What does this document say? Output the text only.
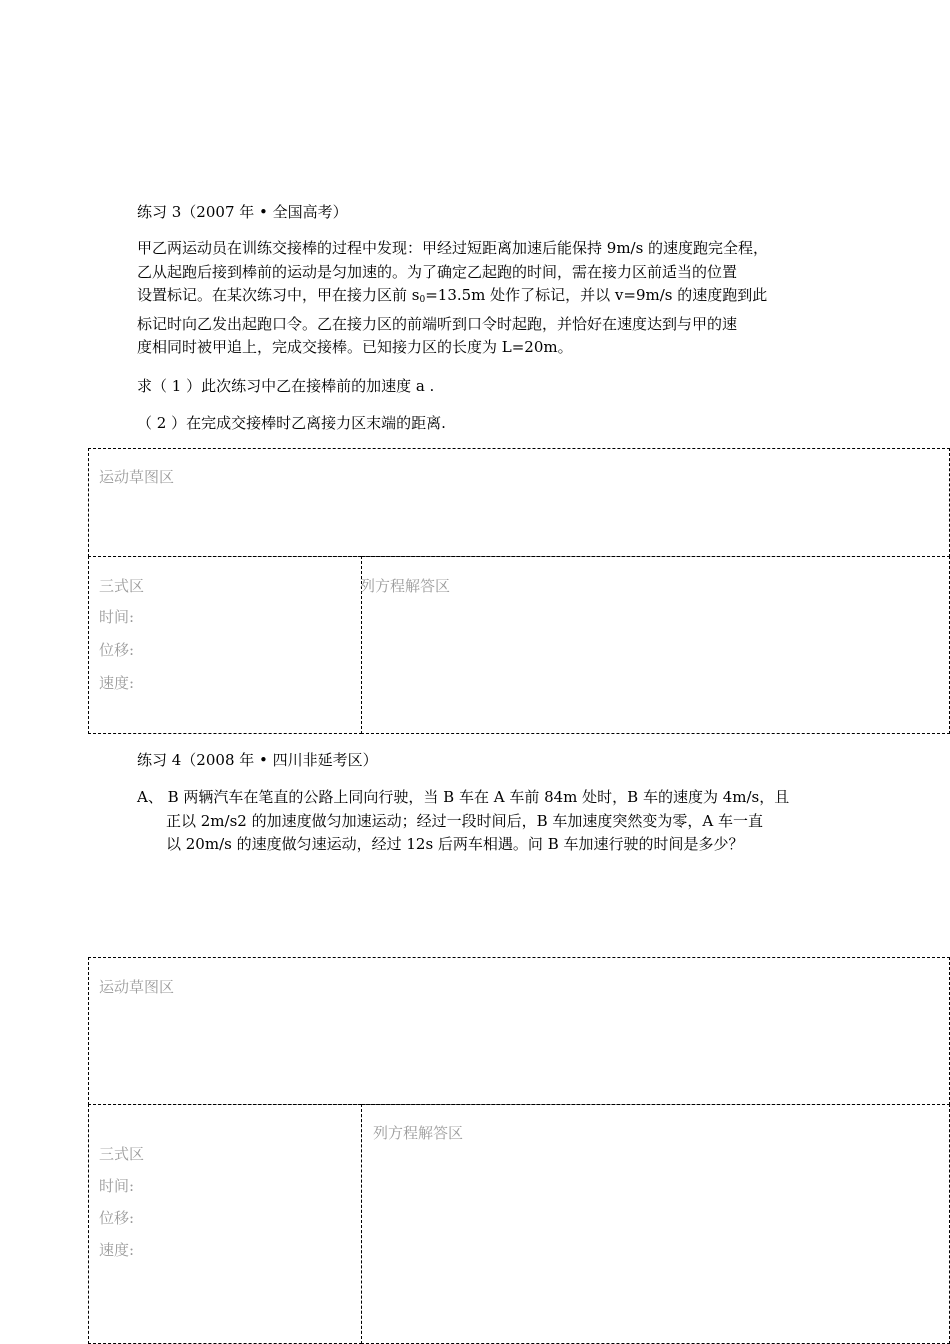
练习 3（2007 年 • 全国高考）
甲乙两运动员在训练交接棒的过程中发现：甲经过短距离加速后能保持 9m/s 的速度跑完全程，
乙从起跑后接到棒前的运动是匀加速的。为了确定乙起跑的时间，需在接力区前适当的位置
设置标记。在某次练习中，甲在接力区前 $s_0=13.5m$ 处作了标记，并以 v=9m/s 的速度跑到此
标记时向乙发出起跑口令。乙在接力区的前端听到口令时起跑，并恰好在速度达到与甲的速
度相同时被甲追上，完成交接棒。已知接力区的长度为 L=20m。
求（ 1 ）此次练习中乙在接棒前的加速度 a .
（ 2 ）在完成交接棒时乙离接力区末端的距离.
运动草图区
三式区
时间:
位移:
速度:
列方程解答区
练习 4（2008 年 • 四川非延考区）
A、 B 两辆汽车在笔直的公路上同向行驶，当 B 车在 A 车前 84m 处时，B 车的速度为 4m/s，且
正以 2m/s2 的加速度做匀加速运动；经过一段时间后，B 车加速度突然变为零，A 车一直
以 20m/s 的速度做匀速运动，经过 12s 后两车相遇。问 B 车加速行驶的时间是多少？
运动草图区
三式区
时间:
位移:
速度:
列方程解答区
